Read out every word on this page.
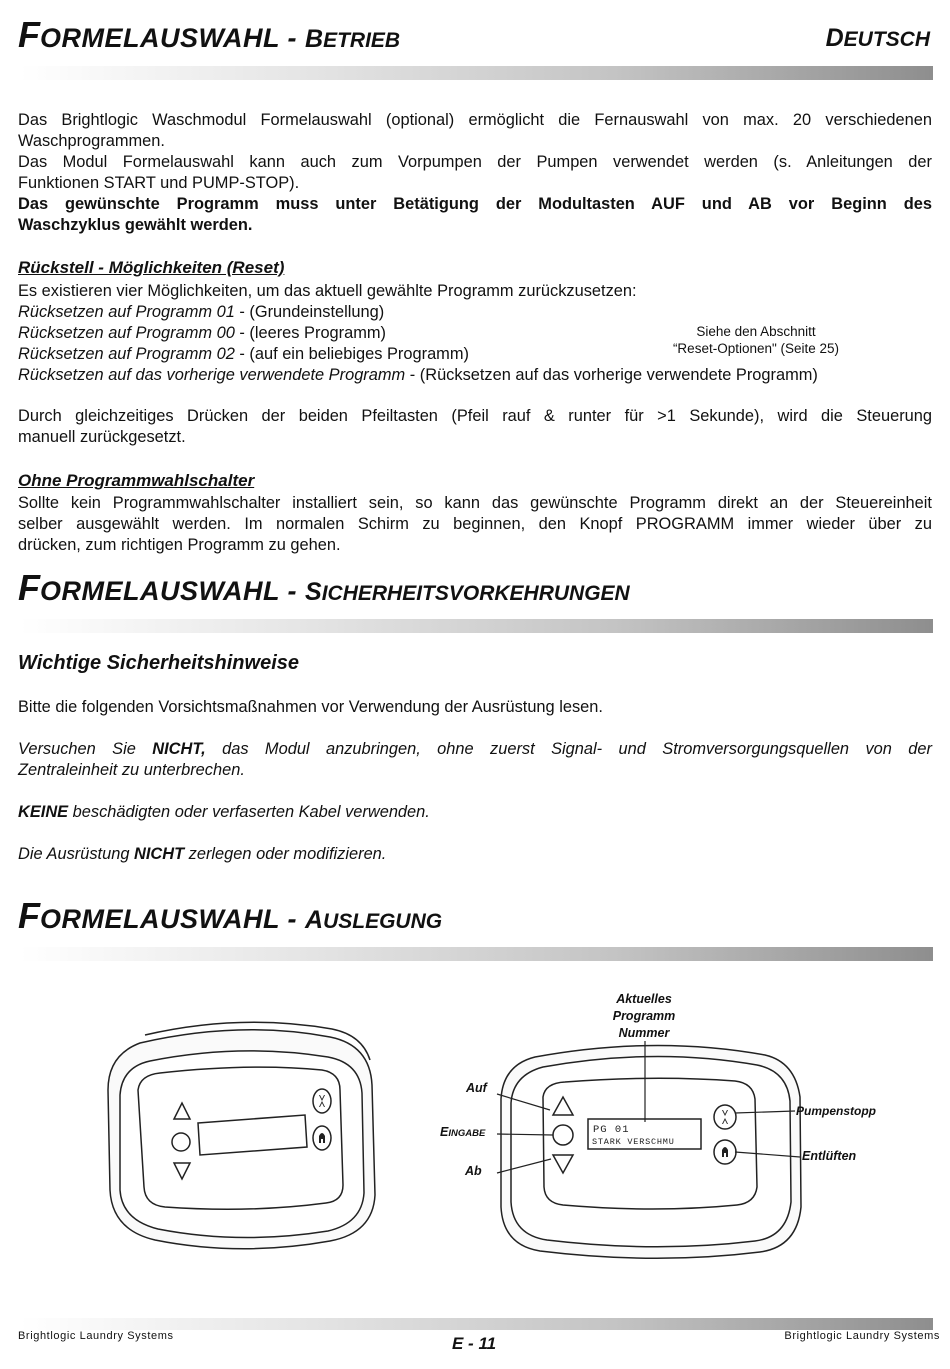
FORMELAUSWAHL - BETRIEB	DEUTSCH

Das Brightlogic Waschmodul Formelauswahl (optional) ermöglicht die Fernauswahl von max. 20 verschiedenen

Waschprogrammen.

Das Modul Formelauswahl kann auch zum Vorpumpen der Pumpen verwendet werden (s. Anleitungen der

Funktionen START und PUMP-STOP).

Das gewünschte Programm muss unter Betätigung der Modultasten AUF und AB vor Beginn des

Waschzyklus gewählt werden.

Rückstell - Möglichkeiten (Reset)

Es existieren vier Möglichkeiten, um das aktuell gewählte Programm zurückzusetzen:

Rücksetzen auf Programm 01 - (Grundeinstellung)

Rücksetzen auf Programm 00 - (leeres Programm)

Rücksetzen auf Programm 02 - (auf ein beliebiges Programm)

Rücksetzen auf das vorherige verwendete Programm - (Rücksetzen auf das vorherige verwendete Programm)

Siehe den Abschnitt
“Reset-Optionen" (Seite 25)

Durch gleichzeitiges Drücken der beiden Pfeiltasten (Pfeil rauf & runter für >1 Sekunde), wird die Steuerung

manuell zurückgesetzt.

Ohne Programmwahlschalter

Sollte kein Programmwahlschalter installiert sein, so kann das gewünschte Programm direkt an der Steuereinheit

selber ausgewählt werden. Im normalen Schirm zu beginnen, den Knopf PROGRAMM immer wieder über zu

drücken, zum richtigen Programm zu gehen.

FORMELAUSWAHL - SICHERHEITSVORKEHRUNGEN
Wichtige Sicherheitshinweise

Bitte die folgenden Vorsichtsmaßnahmen vor Verwendung der Ausrüstung lesen.

Versuchen Sie NICHT, das Modul anzubringen, ohne zuerst Signal- und Stromversorgungsquellen von der

Zentraleinheit zu unterbrechen.

KEINE beschädigten oder verfaserten Kabel verwenden.

Die Ausrüstung NICHT zerlegen oder modifizieren.

FORMELAUSWAHL - AUSLEGUNG
PG 01
STARK VERSCHMU
Aktuelles
Programm
Nummer
Auf
EINGABE
Ab
Pumpenstopp
Entlüften
Brightlogic Laundry Systems	Brightlogic Laundry Systems
E - 11
